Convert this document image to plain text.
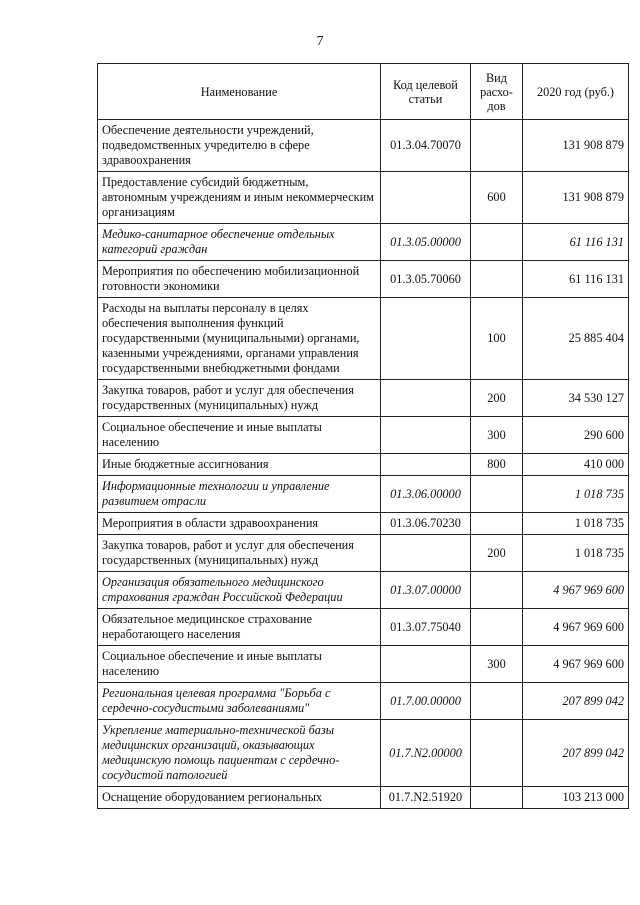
7
Наименование	Код целевой статьи	Вид расхо-дов	2020 год (руб.)
Обеспечение деятельности учреждений, подведомственных учредителю в сфере здравоохранения	01.3.04.70070		131 908 879
Предоставление субсидий бюджетным, автономным учреждениям и иным некоммерческим организациям		600	131 908 879
Медико-санитарное обеспечение отдельных категорий граждан	01.3.05.00000		61 116 131
Мероприятия по обеспечению мобилизационной готовности экономики	01.3.05.70060		61 116 131
Расходы на выплаты персоналу в целях обеспечения выполнения функций государственными (муниципальными) органами, казенными учреждениями, органами управления государственными внебюджетными фондами		100	25 885 404
Закупка товаров, работ и услуг для обеспечения государственных (муниципальных) нужд		200	34 530 127
Социальное обеспечение и иные выплаты населению		300	290 600
Иные бюджетные ассигнования		800	410 000
Информационные технологии и управление развитием отрасли	01.3.06.00000		1 018 735
Мероприятия в области здравоохранения	01.3.06.70230		1 018 735
Закупка товаров, работ и услуг для обеспечения государственных (муниципальных) нужд		200	1 018 735
Организация обязательного медицинского страхования граждан Российской Федерации	01.3.07.00000		4 967 969 600
Обязательное медицинское страхование неработающего населения	01.3.07.75040		4 967 969 600
Социальное обеспечение и иные выплаты населению		300	4 967 969 600
Региональная целевая программа "Борьба с сердечно-сосудистыми заболеваниями"	01.7.00.00000		207 899 042
Укрепление материально-технической базы медицинских организаций, оказывающих медицинскую помощь пациентам с сердечно-сосудистой патологией	01.7.N2.00000		207 899 042
Оснащение оборудованием региональных	01.7.N2.51920		103 213 000
